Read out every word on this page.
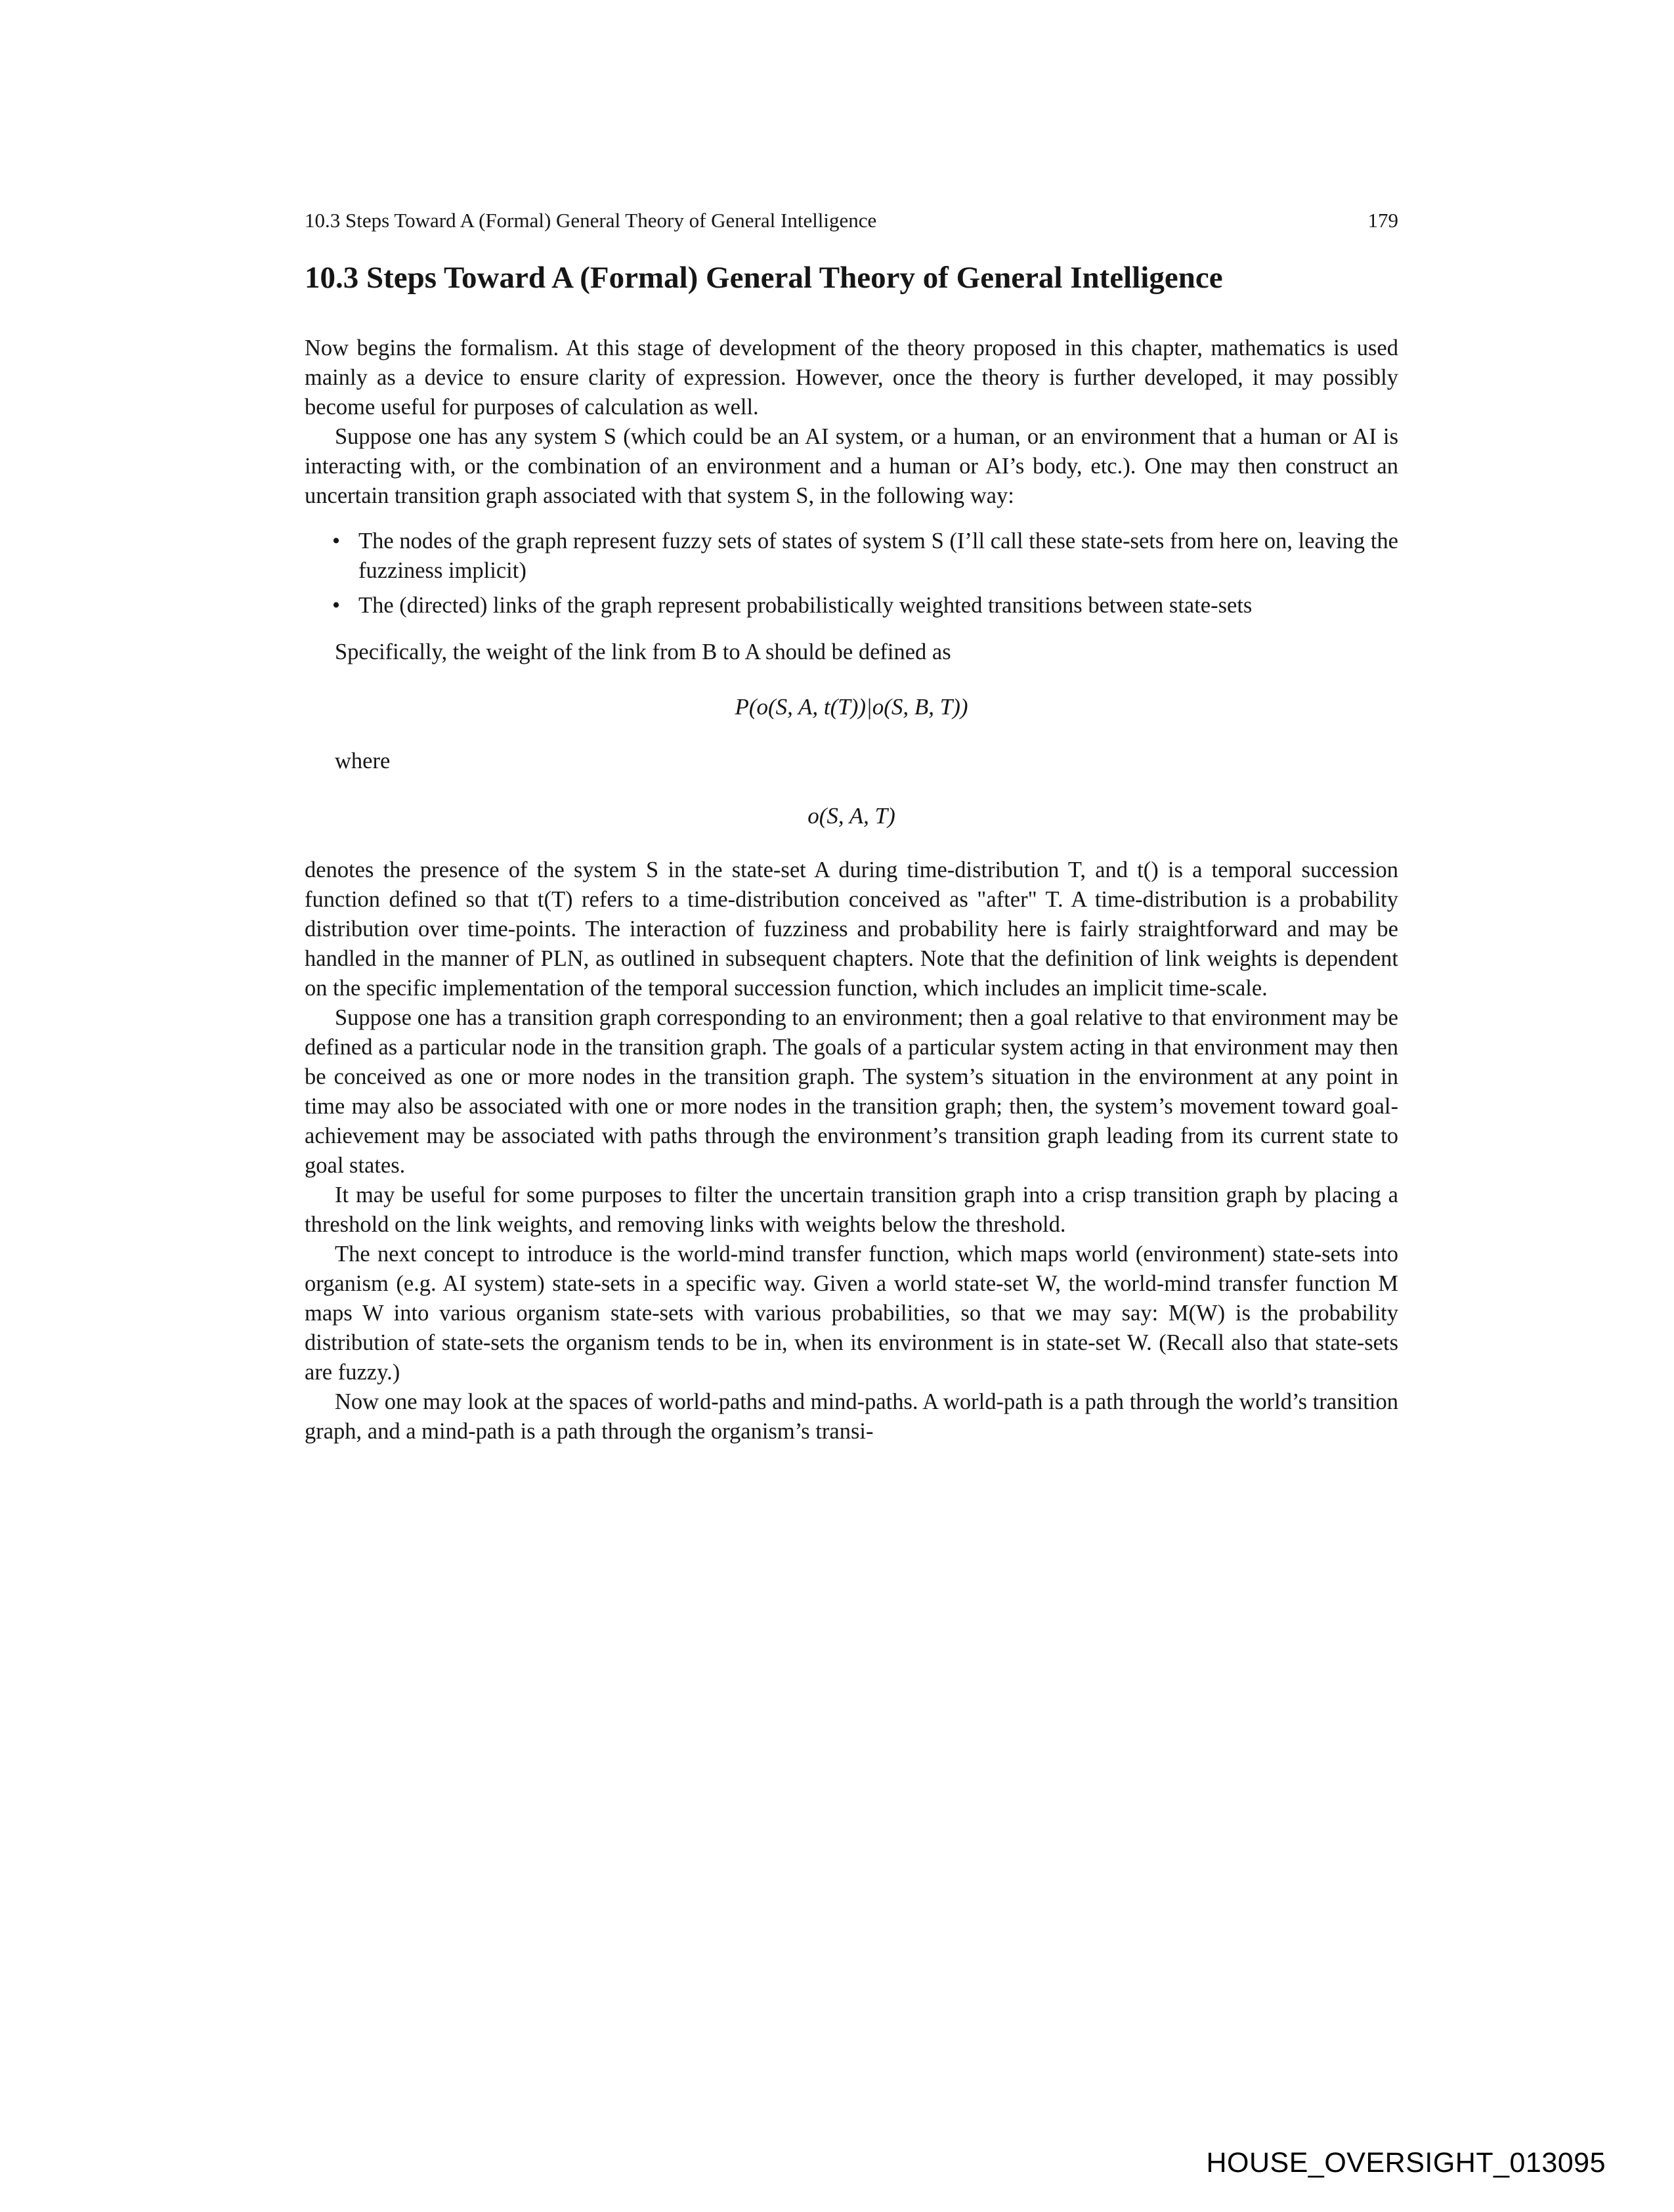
10.3 Steps Toward A (Formal) General Theory of General Intelligence	179
10.3 Steps Toward A (Formal) General Theory of General Intelligence

Now begins the formalism. At this stage of development of the theory proposed in this chapter, mathematics is used mainly as a device to ensure clarity of expression. However, once the theory is further developed, it may possibly become useful for purposes of calculation as well.

Suppose one has any system S (which could be an AI system, or a human, or an environment that a human or AI is interacting with, or the combination of an environment and a human or AI’s body, etc.). One may then construct an uncertain transition graph associated with that system S, in the following way:

• The nodes of the graph represent fuzzy sets of states of system S (I’ll call these state-sets from here on, leaving the fuzziness implicit)
• The (directed) links of the graph represent probabilistically weighted transitions between state-sets

Specifically, the weight of the link from B to A should be defined as

P(o(S, A, t(T))|o(S, B, T))

where

o(S, A, T)

denotes the presence of the system S in the state-set A during time-distribution T, and t() is a temporal succession function defined so that t(T) refers to a time-distribution conceived as "after" T. A time-distribution is a probability distribution over time-points. The interaction of fuzziness and probability here is fairly straightforward and may be handled in the manner of PLN, as outlined in subsequent chapters. Note that the definition of link weights is dependent on the specific implementation of the temporal succession function, which includes an implicit time-scale.

Suppose one has a transition graph corresponding to an environment; then a goal relative to that environment may be defined as a particular node in the transition graph. The goals of a particular system acting in that environment may then be conceived as one or more nodes in the transition graph. The system’s situation in the environment at any point in time may also be associated with one or more nodes in the transition graph; then, the system’s movement toward goal-achievement may be associated with paths through the environment’s transition graph leading from its current state to goal states.

It may be useful for some purposes to filter the uncertain transition graph into a crisp transition graph by placing a threshold on the link weights, and removing links with weights below the threshold.

The next concept to introduce is the world-mind transfer function, which maps world (environment) state-sets into organism (e.g. AI system) state-sets in a specific way. Given a world state-set W, the world-mind transfer function M maps W into various organism state-sets with various probabilities, so that we may say: M(W) is the probability distribution of state-sets the organism tends to be in, when its environment is in state-set W. (Recall also that state-sets are fuzzy.)

Now one may look at the spaces of world-paths and mind-paths. A world-path is a path through the world’s transition graph, and a mind-path is a path through the organism’s transi-

HOUSE_OVERSIGHT_013095
